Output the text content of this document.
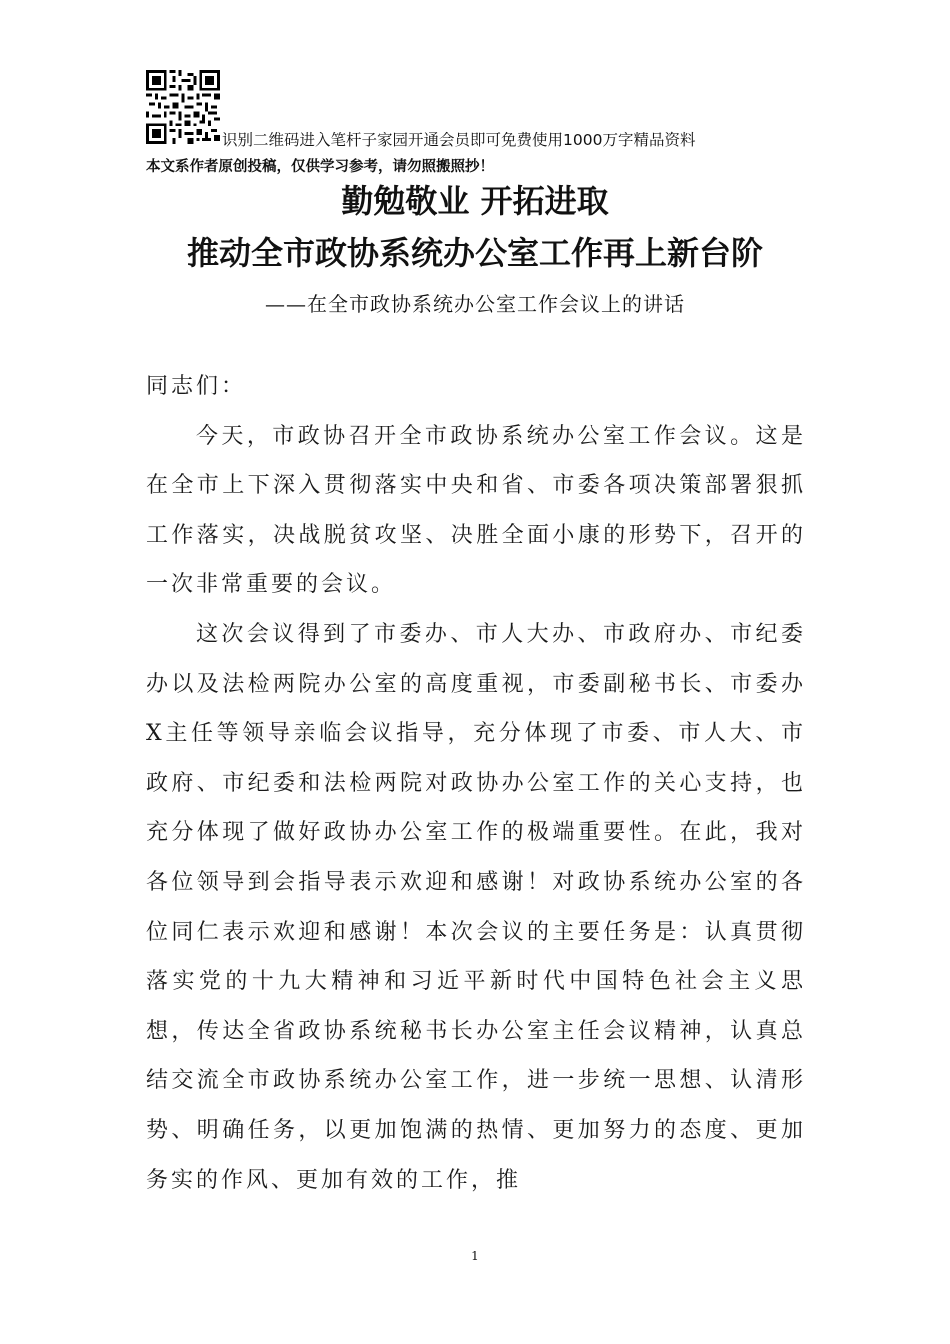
识别二维码进入笔杆子家园开通会员即可免费使用1000万字精品资料
本文系作者原创投稿，仅供学习参考，请勿照搬照抄！
勤勉敬业 开拓进取
推动全市政协系统办公室工作再上新台阶
——在全市政协系统办公室工作会议上的讲话

同志们：

今天，市政协召开全市政协系统办公室工作会议。这是在全市上下深入贯彻落实中央和省、市委各项决策部署狠抓工作落实，决战脱贫攻坚、决胜全面小康的形势下，召开的一次非常重要的会议。

这次会议得到了市委办、市人大办、市政府办、市纪委办以及法检两院办公室的高度重视，市委副秘书长、市委办X主任等领导亲临会议指导，充分体现了市委、市人大、市政府、市纪委和法检两院对政协办公室工作的关心支持，也充分体现了做好政协办公室工作的极端重要性。在此，我对各位领导到会指导表示欢迎和感谢！对政协系统办公室的各位同仁表示欢迎和感谢！本次会议的主要任务是：认真贯彻落实党的十九大精神和习近平新时代中国特色社会主义思想，传达全省政协系统秘书长办公室主任会议精神，认真总结交流全市政协系统办公室工作，进一步统一思想、认清形势、明确任务，以更加饱满的热情、更加努力的态度、更加务实的作风、更加有效的工作，推

1
